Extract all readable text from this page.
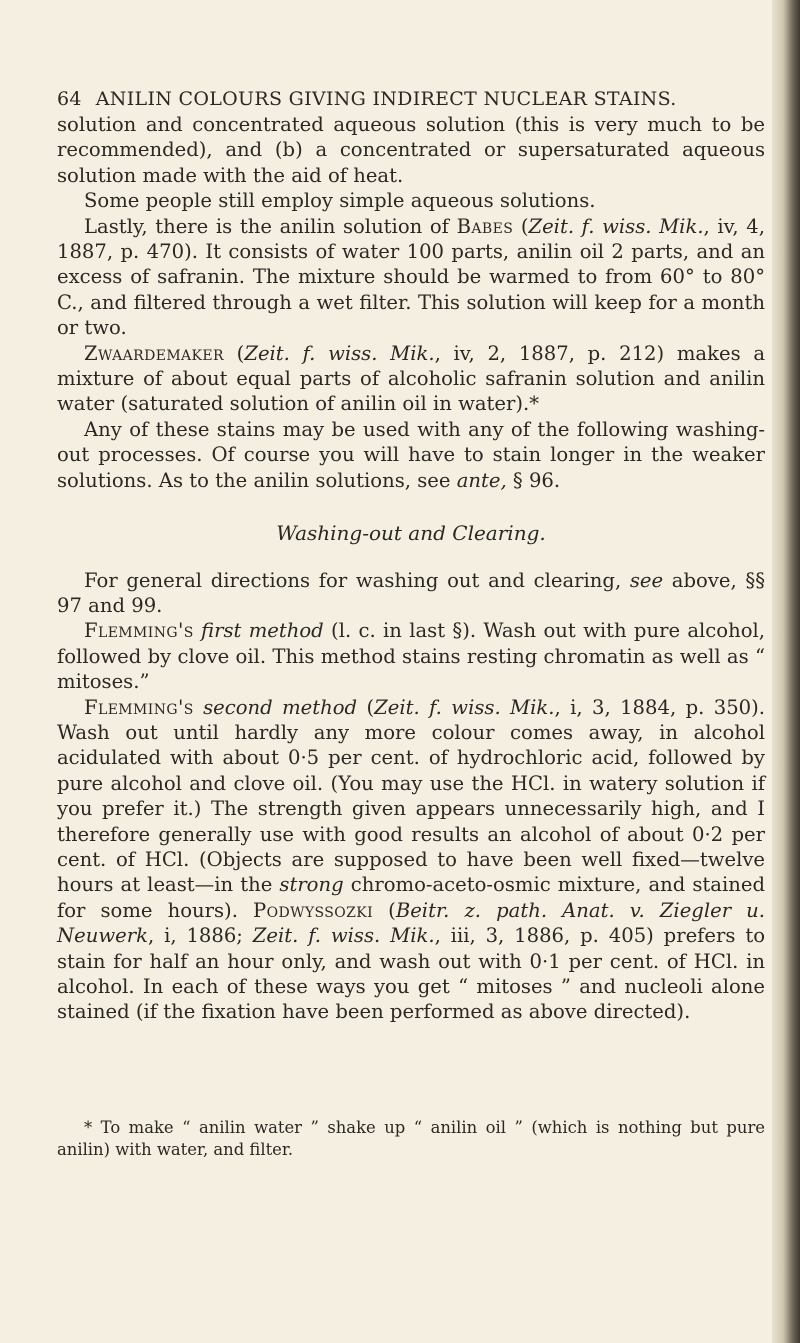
64 ANILIN COLOURS GIVING INDIRECT NUCLEAR STAINS.

solution and concentrated aqueous solution (this is very much to be recommended), and (b) a concentrated or supersaturated aqueous solution made with the aid of heat.

Some people still employ simple aqueous solutions.

Lastly, there is the anilin solution of Babes (Zeit. f. wiss. Mik., iv, 4, 1887, p. 470). It consists of water 100 parts, anilin oil 2 parts, and an excess of safranin. The mixture should be warmed to from 60° to 80° C., and filtered through a wet filter. This solution will keep for a month or two.

Zwaardemaker (Zeit. f. wiss. Mik., iv, 2, 1887, p. 212) makes a mixture of about equal parts of alcoholic safranin solution and anilin water (saturated solution of anilin oil in water).*

Any of these stains may be used with any of the following washing-out processes. Of course you will have to stain longer in the weaker solutions. As to the anilin solutions, see ante, § 96.

Washing-out and Clearing.

For general directions for washing out and clearing, see above, §§ 97 and 99.

Flemming's first method (l. c. in last §). Wash out with pure alcohol, followed by clove oil. This method stains resting chromatin as well as “ mitoses.”

Flemming's second method (Zeit. f. wiss. Mik., i, 3, 1884, p. 350). Wash out until hardly any more colour comes away, in alcohol acidulated with about 0·5 per cent. of hydrochloric acid, followed by pure alcohol and clove oil. (You may use the HCl. in watery solution if you prefer it.) The strength given appears unnecessarily high, and I therefore generally use with good results an alcohol of about 0·2 per cent. of HCl. (Objects are supposed to have been well fixed—twelve hours at least—in the strong chromo-aceto-osmic mixture, and stained for some hours). Podwyssozki (Beitr. z. path. Anat. v. Ziegler u. Neuwerk, i, 1886; Zeit. f. wiss. Mik., iii, 3, 1886, p. 405) prefers to stain for half an hour only, and wash out with 0·1 per cent. of HCl. in alcohol. In each of these ways you get “ mitoses ” and nucleoli alone stained (if the fixation have been performed as above directed).

* To make “ anilin water ” shake up “ anilin oil ” (which is nothing but pure anilin) with water, and filter.
